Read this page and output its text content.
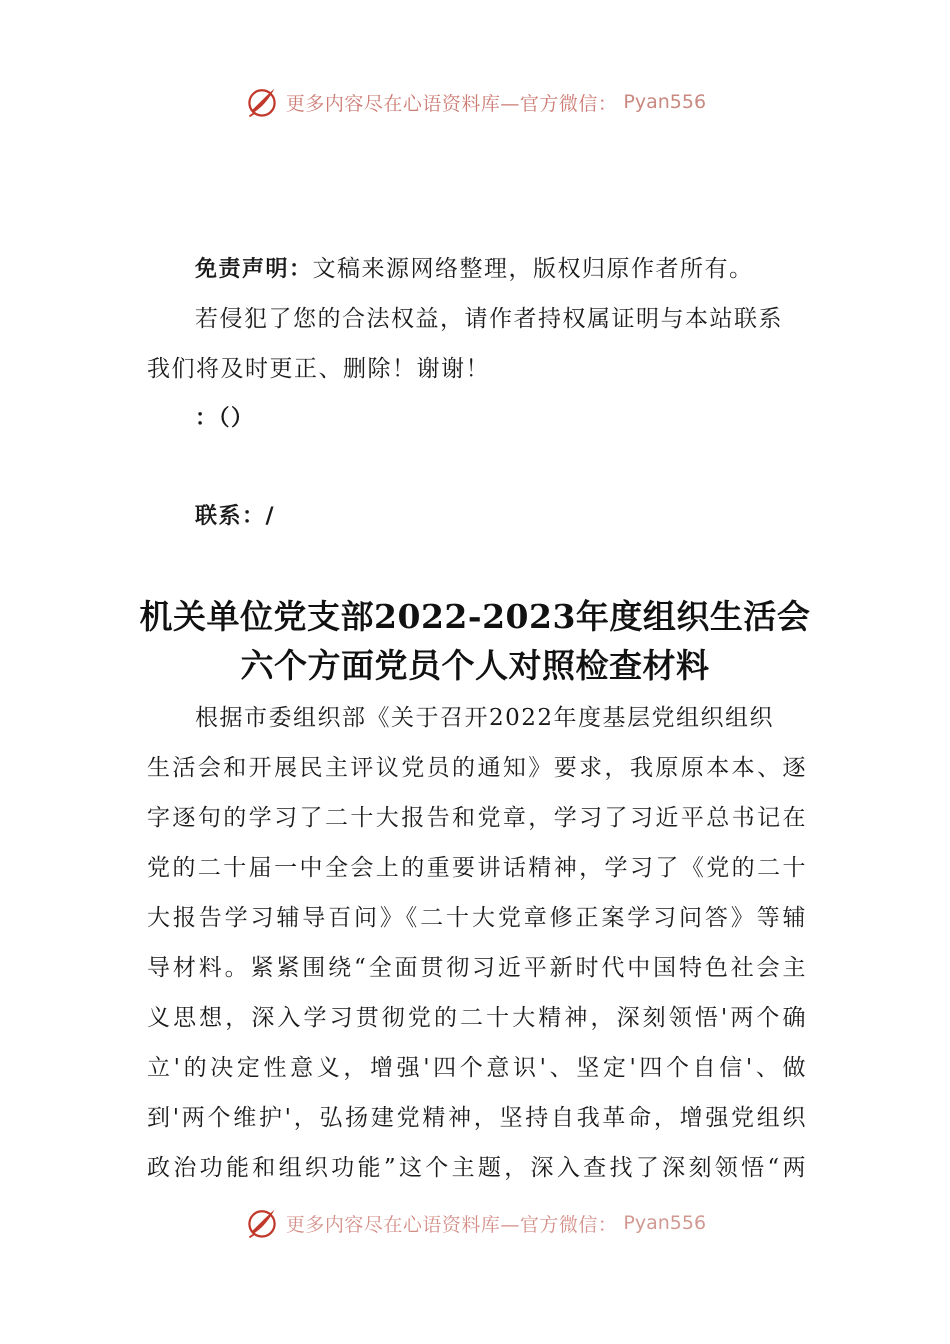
更多内容尽在心语资料库—官方微信： Pyan556
免责声明：文稿来源网络整理，版权归原作者所有。
若侵犯了您的合法权益，请作者持权属证明与本站联系
我们将及时更正、删除！谢谢！
：（）
联系：/
机关单位党支部2022-2023年度组织生活会
六个方面党员个人对照检查材料
根据市委组织部《关于召开2022年度基层党组织组织
生活会和开展民主评议党员的通知》要求，我原原本本、逐
字逐句的学习了二十大报告和党章，学习了习近平总书记在
党的二十届一中全会上的重要讲话精神，学习了《党的二十
大报告学习辅导百问》《二十大党章修正案学习问答》等辅
导材料。紧紧围绕“全面贯彻习近平新时代中国特色社会主
义思想，深入学习贯彻党的二十大精神，深刻领悟'两个确
立'的决定性意义，增强'四个意识'、坚定'四个自信'、做
到'两个维护'，弘扬建党精神，坚持自我革命，增强党组织
政治功能和组织功能”这个主题，深入查找了深刻领悟“两
更多内容尽在心语资料库—官方微信： Pyan556
